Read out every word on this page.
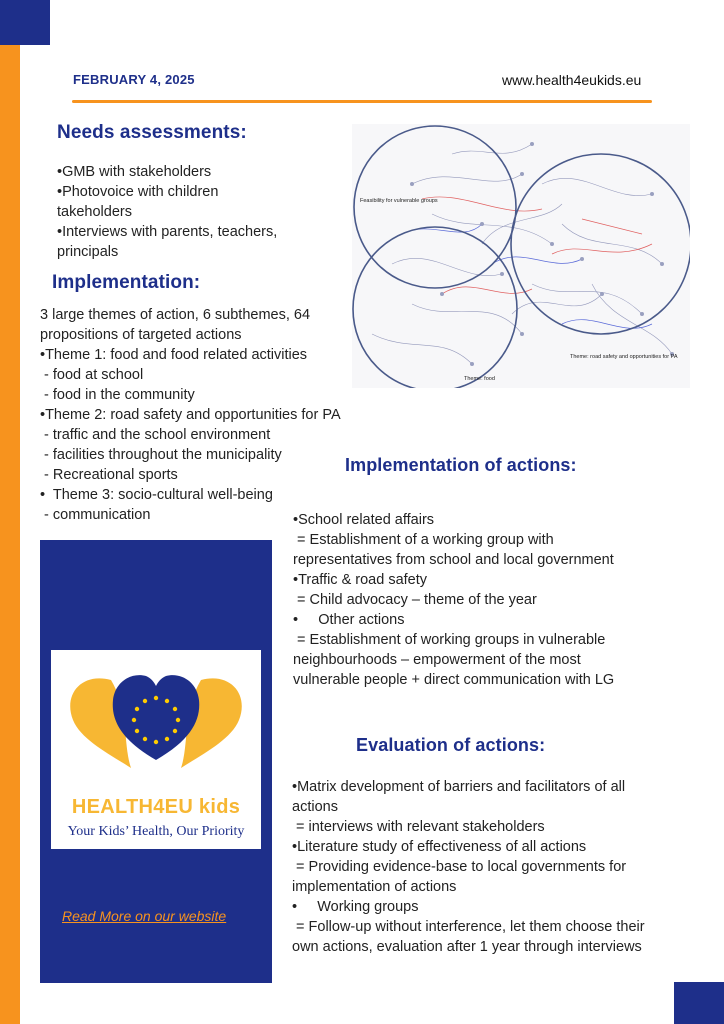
FEBRUARY 4, 2025	www.health4eukids.eu
Needs assessments:
•GMB with stakeholders
•Photovoice with children
takeholders
•Interviews with parents, teachers,
principals
Implementation:
3 large themes of action, 6 subthemes, 64
propositions of targeted actions
•Theme 1: food and food related activities
- food at school
- food in the community
•Theme 2: road safety and opportunities for PA
- traffic and the school environment
- facilities throughout the municipality
- Recreational sports
•  Theme 3: socio-cultural well-being
- communication
Feasibility for vulnerable groups
Theme: road safety and opportunities for PA
Theme: food
Implementation of actions:
•School related affairs
= Establishment of a working group with
representatives from school and local government
•Traffic & road safety
= Child advocacy – theme of the year
•     Other actions
= Establishment of working groups in vulnerable
neighbourhoods – empowerment of the most
vulnerable people + direct communication with LG
Evaluation of actions:
•Matrix development of barriers and facilitators of all
actions
= interviews with relevant stakeholders
•Literature study of effectiveness of all actions
= Providing evidence-base to local governments for
implementation of actions
•     Working groups
= Follow-up without interference, let them choose their
own actions, evaluation after 1 year through interviews
HEALTH4EU kids
Your Kids’ Health, Our Priority
Read More on our website
